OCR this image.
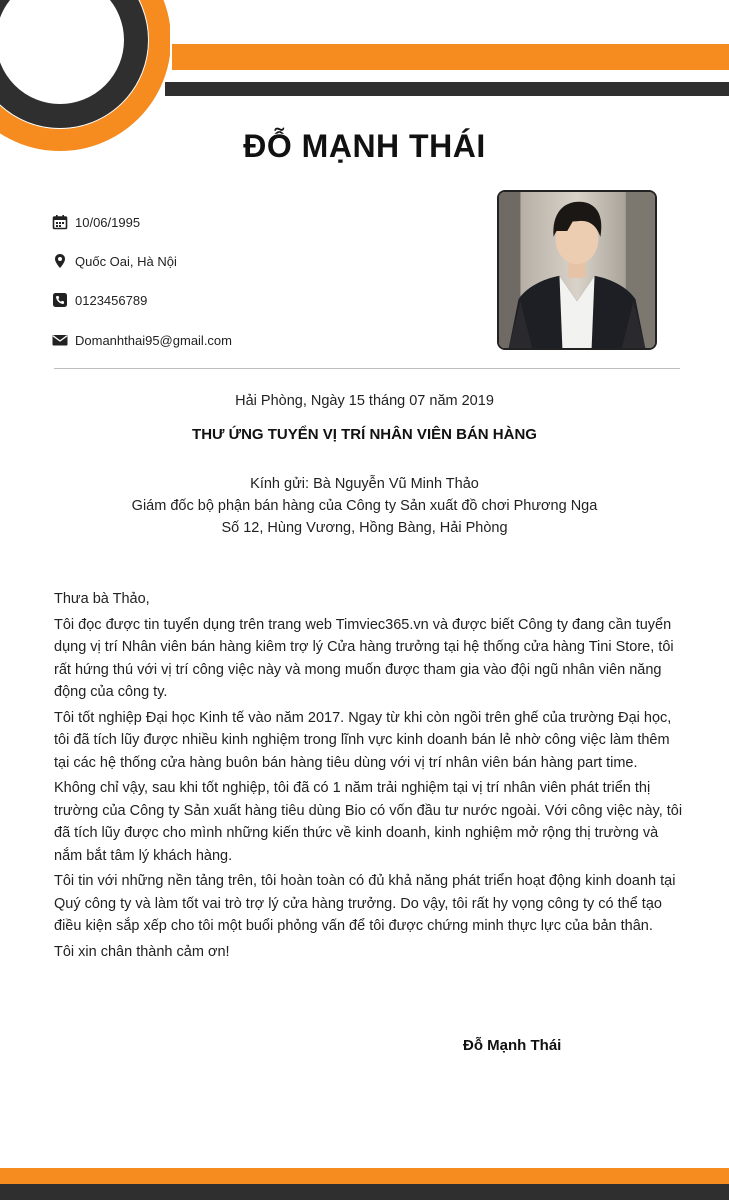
ĐỖ MẠNH THÁI
10/06/1995
Quốc Oai, Hà Nội
0123456789
Domanhthai95@gmail.com
Hải Phòng, Ngày 15 tháng 07 năm 2019
THƯ ỨNG TUYỂN VỊ TRÍ NHÂN VIÊN BÁN HÀNG
Kính gửi: Bà Nguyễn Vũ Minh Thảo
Giám đốc bộ phận bán hàng của Công ty Sản xuất đồ chơi Phương Nga
Số 12, Hùng Vương, Hồng Bàng, Hải Phòng

Thưa bà Thảo,

Tôi đọc được tin tuyển dụng trên trang web Timviec365.vn và được biết Công ty đang cần tuyển dụng vị trí Nhân viên bán hàng kiêm trợ lý Cửa hàng trưởng tại hệ thống cửa hàng Tini Store, tôi rất hứng thú với vị trí công việc này và mong muốn được tham gia vào đội ngũ nhân viên năng động của công ty.

Tôi tốt nghiệp Đại học Kinh tế vào năm 2017. Ngay từ khi còn ngồi trên ghế của trường Đại học, tôi đã tích lũy được nhiều kinh nghiệm trong lĩnh vực kinh doanh bán lẻ nhờ công việc làm thêm tại các hệ thống cửa hàng buôn bán hàng tiêu dùng với vị trí nhân viên bán hàng part time.

Không chỉ vậy, sau khi tốt nghiệp, tôi đã có 1 năm trải nghiệm tại vị trí nhân viên phát triển thị trường của Công ty Sản xuất hàng tiêu dùng Bio có vốn đầu tư nước ngoài. Với công việc này, tôi đã tích lũy được cho mình những kiến thức về kinh doanh, kinh nghiệm mở rộng thị trường và nắm bắt tâm lý khách hàng.

Tôi tin với những nền tảng trên, tôi hoàn toàn có đủ khả năng phát triển hoạt động kinh doanh tại Quý công ty và làm tốt vai trò trợ lý cửa hàng trưởng. Do vậy, tôi rất hy vọng công ty có thể tạo điều kiện sắp xếp cho tôi một buổi phỏng vấn để tôi được chứng minh thực lực của bản thân.

Tôi xin chân thành cảm ơn!

Đỗ Mạnh Thái
